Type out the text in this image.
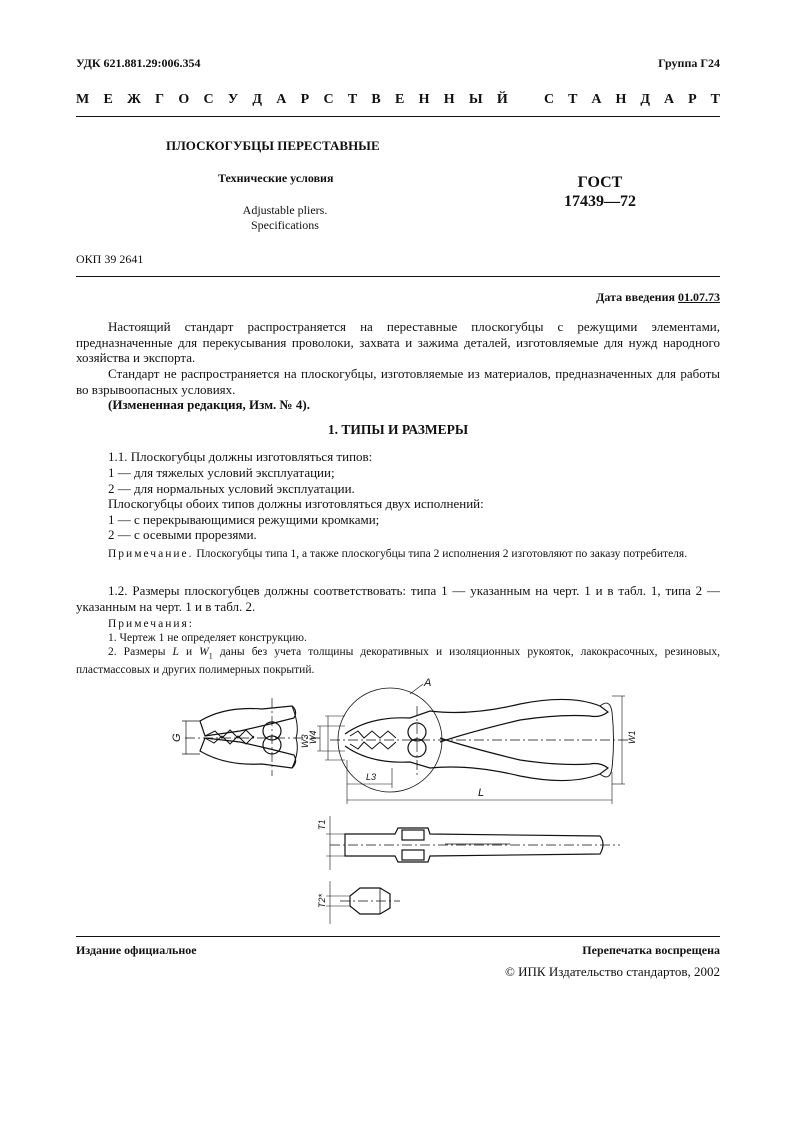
УДК 621.881.29:006.354	Группа Г24
М Е Ж Г О С У Д А Р С Т В Е Н Н Ы Й	С Т А Н Д А Р Т
ПЛОСКОГУБЦЫ ПЕРЕСТАВНЫЕ
Технические условия
Adjustable pliers.
Specifications
ГОСТ
17439—72
ОКП 39 2641
Дата введения 01.07.73
Настоящий стандарт распространяется на переставные плоскогубцы с режущими элементами, предназначенные для перекусывания проволоки, захвата и зажима деталей, изготовляемые для нужд народного хозяйства и экспорта.
Стандарт не распространяется на плоскогубцы, изготовляемые из материалов, предназначенных для работы во взрывоопасных условиях.
(Измененная редакция, Изм. № 4).
1. ТИПЫ И РАЗМЕРЫ
1.1. Плоскогубцы должны изготовляться типов:
1 — для тяжелых условий эксплуатации;
2 — для нормальных условий эксплуатации.
Плоскогубцы обоих типов должны изготовляться двух исполнений:
1 — с перекрывающимися режущими кромками;
2 — с осевыми прорезями.
Примечание. Плоскогубцы типа 1, а также плоскогубцы типа 2 исполнения 2 изготовляют по заказу потребителя.
1.2. Размеры плоскогубцев должны соответствовать: типа 1 — указанным на черт. 1 и в табл. 1, типа 2 — указанным на черт. 1 и в табл. 2.
Примечания:
1. Чертеж 1 не определяет конструкцию.
2. Размеры L и $W_1$ даны без учета толщины декоративных и изоляционных рукояток, лакокрасочных, резиновых, пластмассовых и других полимерных покрытий.
A
G	W4
W3	W1
L3
L
T1
T2*
Издание официальное	Перепечатка воспрещена
© ИПК Издательство стандартов, 2002
